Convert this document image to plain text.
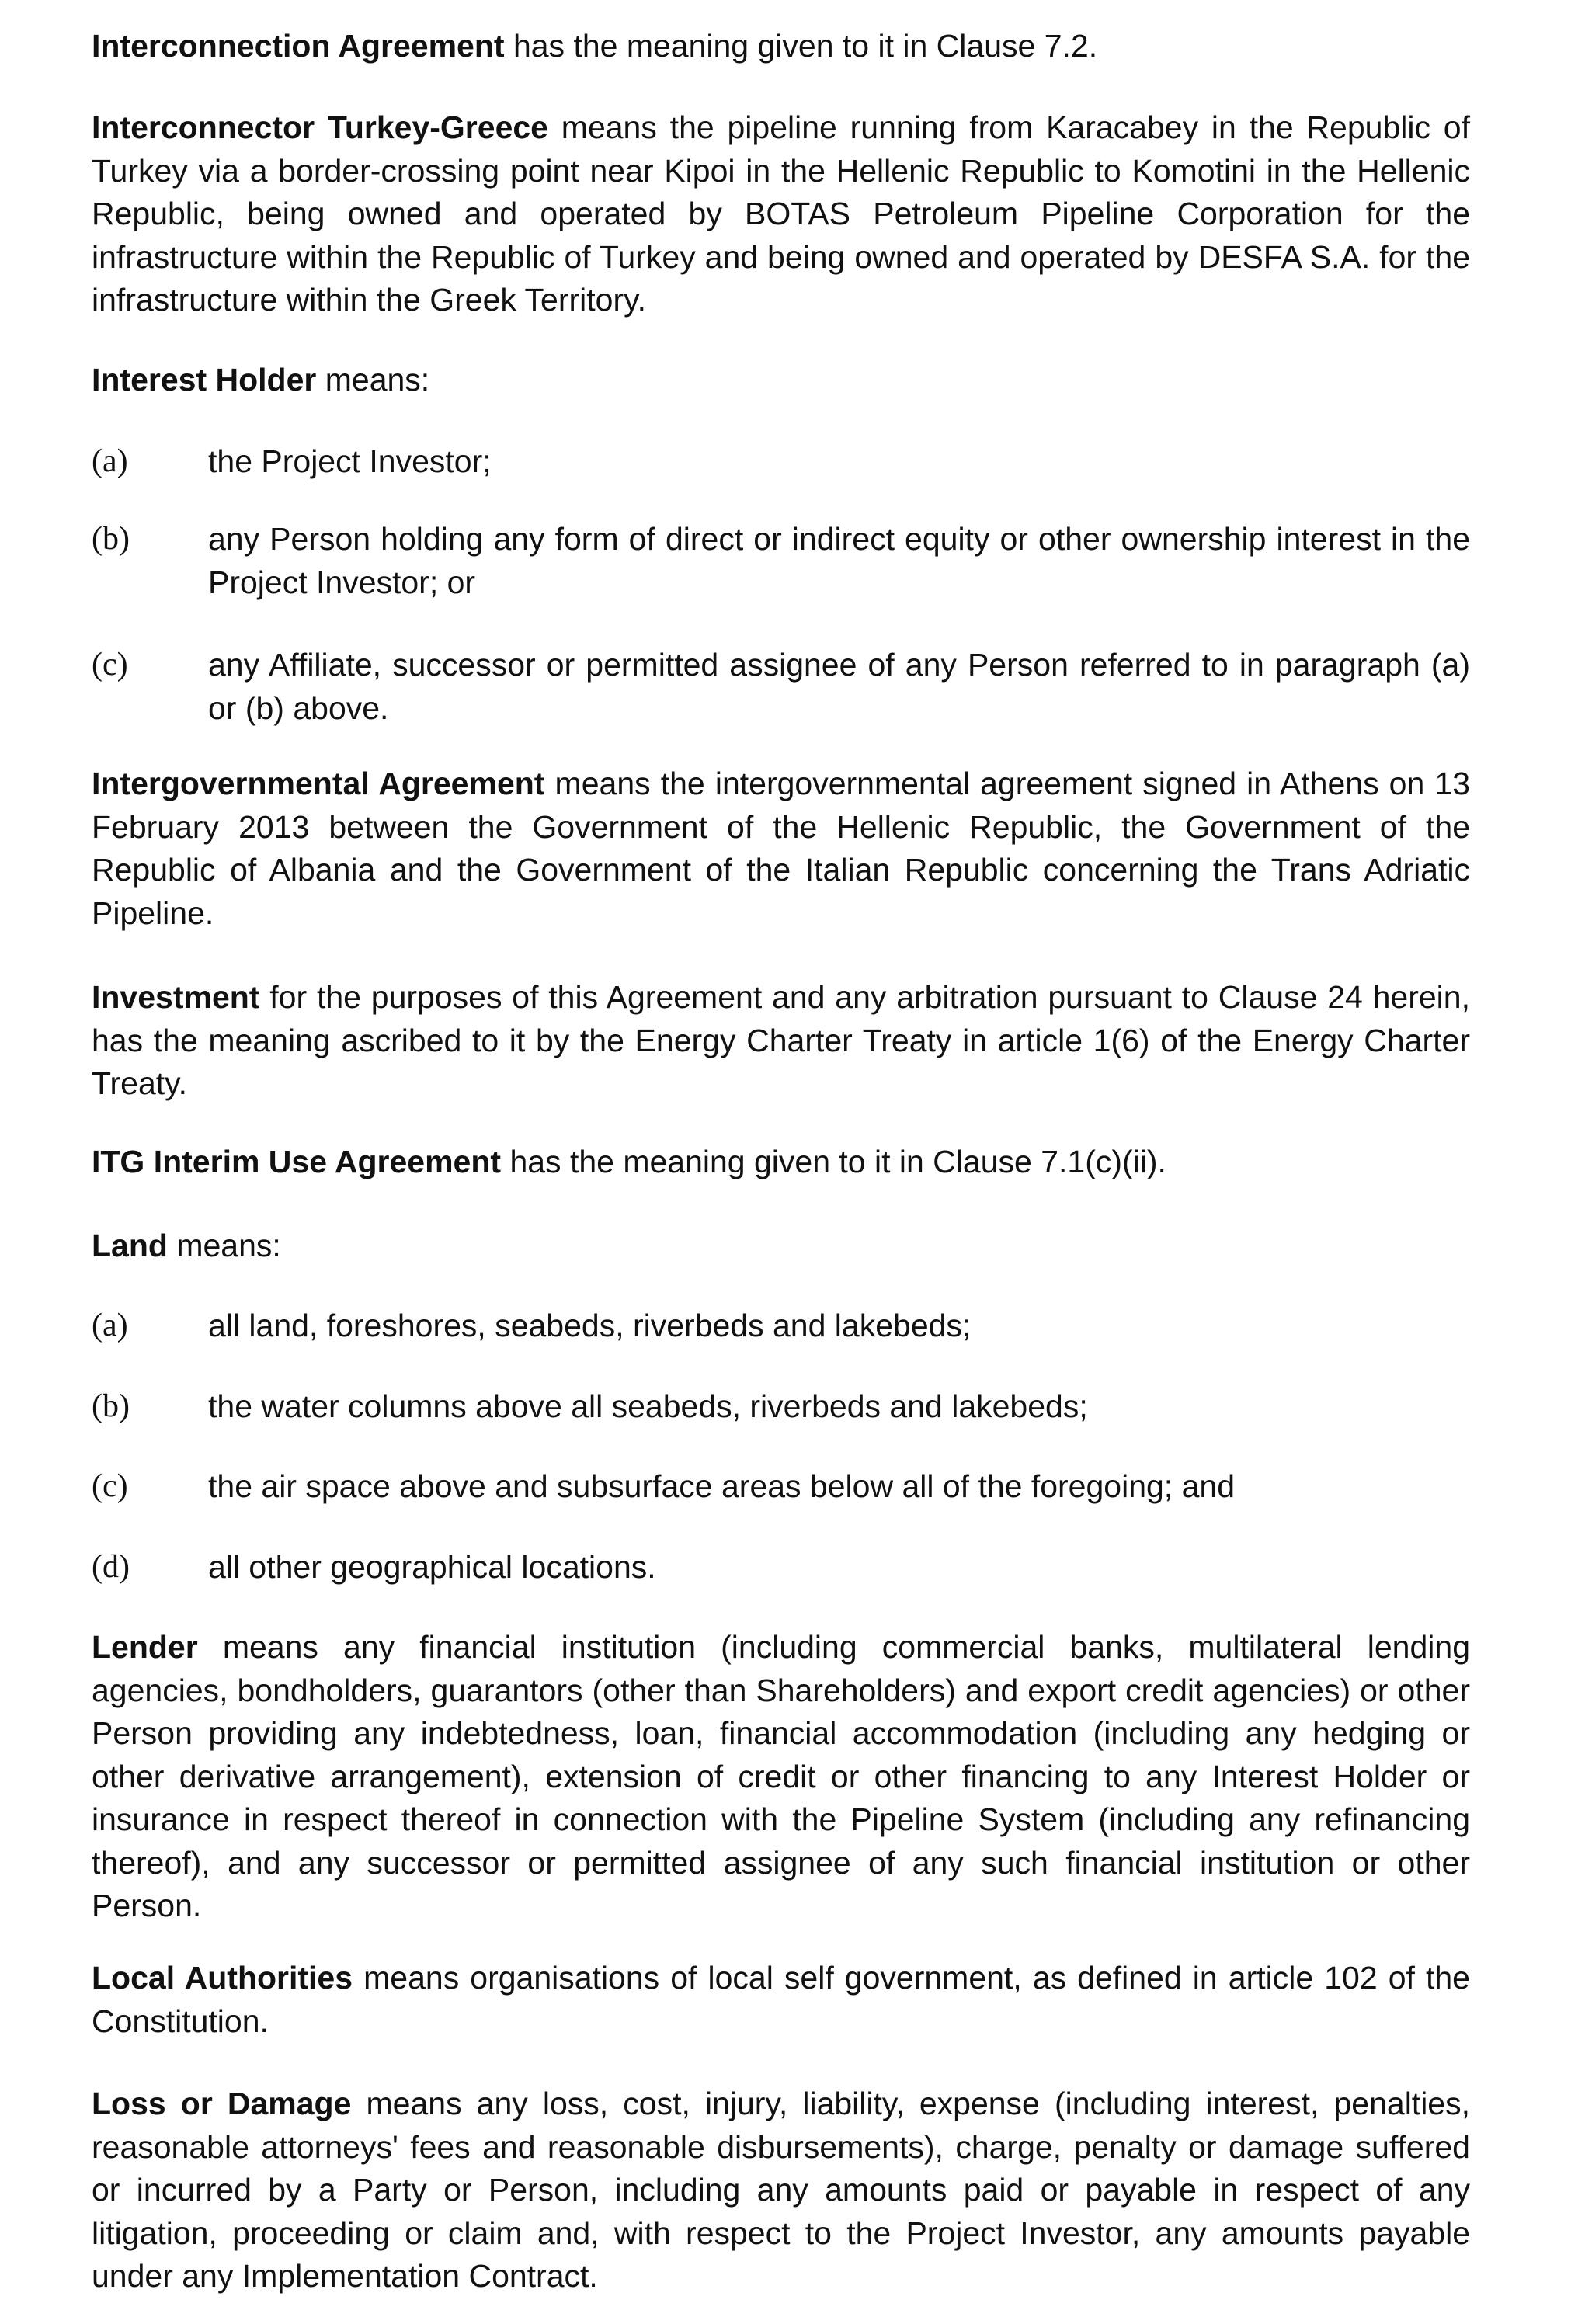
Interconnection Agreement has the meaning given to it in Clause 7.2.

Interconnector Turkey-Greece means the pipeline running from Karacabey in the Republic of Turkey via a border-crossing point near Kipoi in the Hellenic Republic to Komotini in the Hellenic Republic, being owned and operated by BOTAS Petroleum Pipeline Corporation for the infrastructure within the Republic of Turkey and being owned and operated by DESFA S.A. for the infrastructure within the Greek Territory.

Interest Holder means:

(a)	the Project Investor;
(b) any Person holding any form of direct or indirect equity or other ownership interest in the Project Investor; or
(c)	any Affiliate, successor or permitted assignee of any Person referred to in paragraph (a) or (b) above.

Intergovernmental Agreement means the intergovernmental agreement signed in Athens on 13 February 2013 between the Government of the Hellenic Republic, the Government of the Republic of Albania and the Government of the Italian Republic concerning the Trans Adriatic Pipeline.

Investment for the purposes of this Agreement and any arbitration pursuant to Clause 24 herein, has the meaning ascribed to it by the Energy Charter Treaty in article 1(6) of the Energy Charter Treaty.

ITG Interim Use Agreement has the meaning given to it in Clause 7.1(c)(ii).

Land means:

(a)	all land, foreshores, seabeds, riverbeds and lakebeds;
(b) the water columns above all seabeds, riverbeds and lakebeds;
(c)	the air space above and subsurface areas below all of the foregoing; and
(d) all other geographical locations.

Lender means any financial institution (including commercial banks, multilateral lending agencies, bondholders, guarantors (other than Shareholders) and export credit agencies) or other Person providing any indebtedness, loan, financial accommodation (including any hedging or other derivative arrangement), extension of credit or other financing to any Interest Holder or insurance in respect thereof in connection with the Pipeline System (including any refinancing thereof), and any successor or permitted assignee of any such financial institution or other Person.

Local Authorities means organisations of local self government, as defined in article 102 of the Constitution.

Loss or Damage means any loss, cost, injury, liability, expense (including interest, penalties, reasonable attorneys' fees and reasonable disbursements), charge, penalty or damage suffered or incurred by a Party or Person, including any amounts paid or payable in respect of any litigation, proceeding or claim and, with respect to the Project Investor, any amounts payable under any Implementation Contract.
